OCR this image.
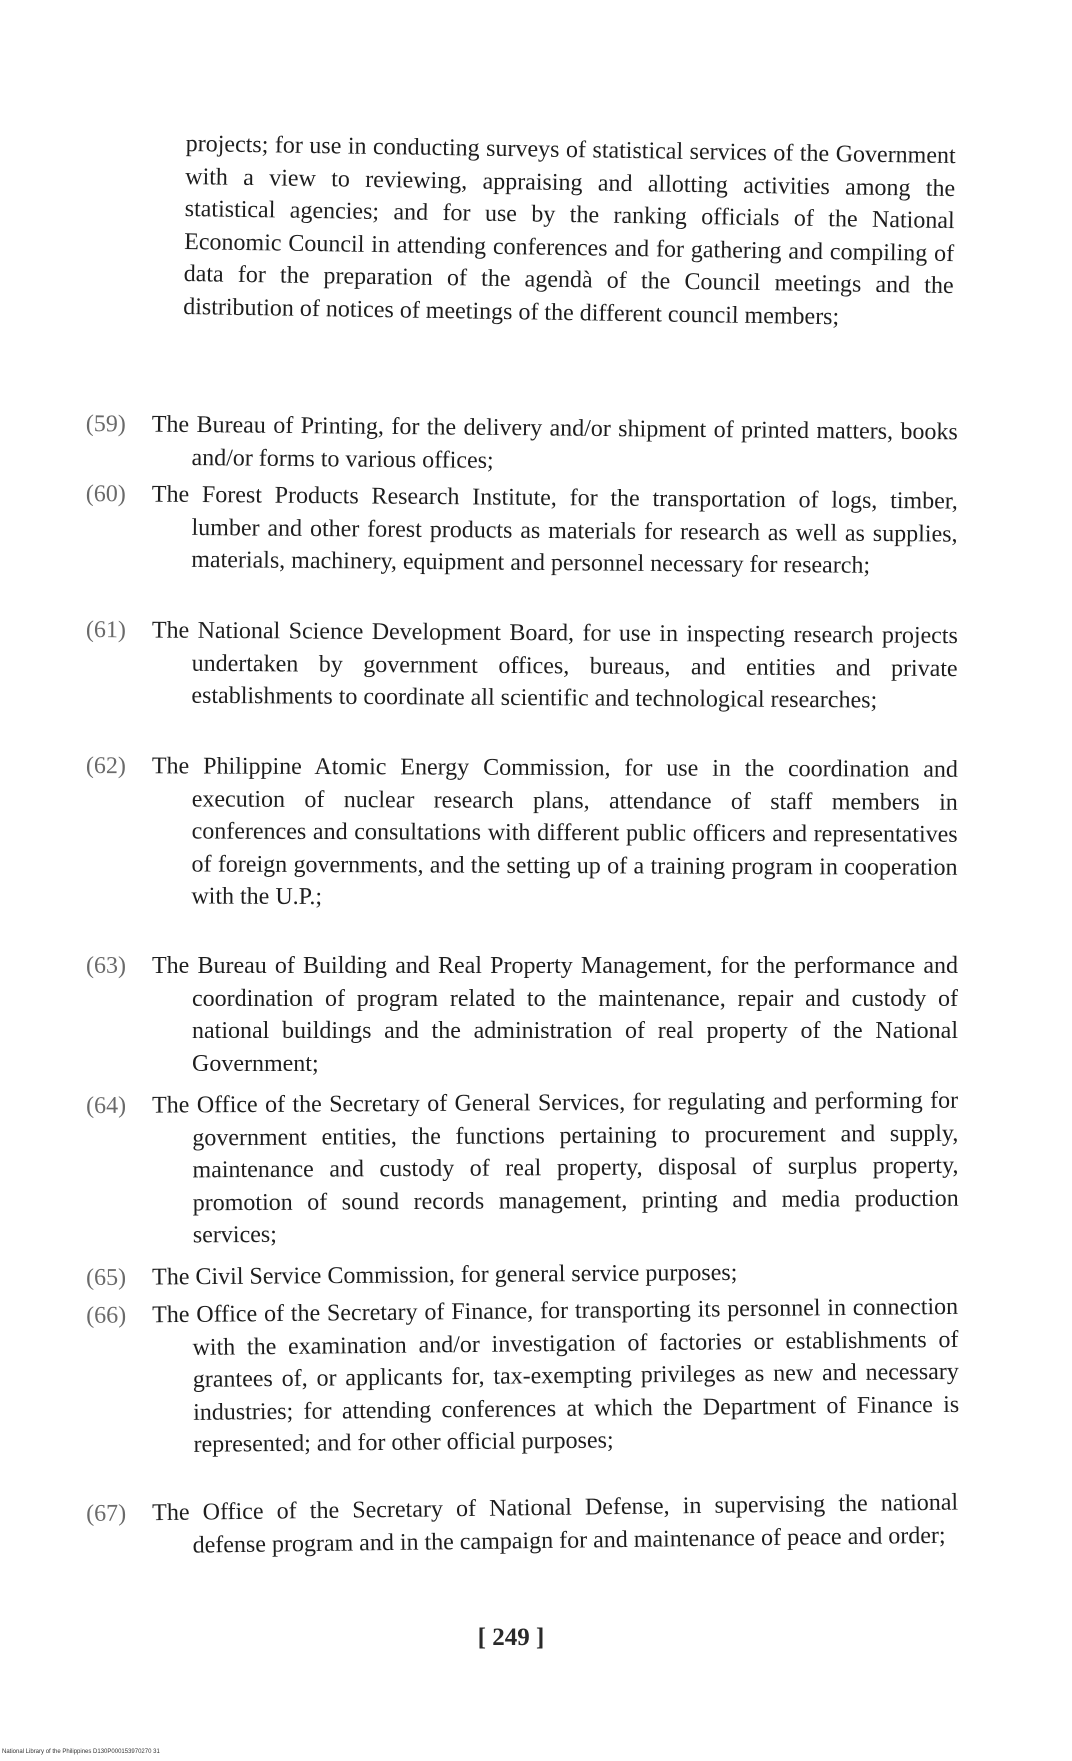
projects; for use in conducting surveys of statistical services of the Government with a view to reviewing, appraising and allotting activities among the statistical agencies; and for use by the ranking officials of the National Economic Council in attending conferences and for gathering and compiling of data for the preparation of the agendà of the Council meetings and the distribution of notices of meetings of the different council members;
(59)	The Bureau of Printing, for the delivery and/or shipment of printed matters, books and/or forms to various offices;
(60)	The Forest Products Research Institute, for the transportation of logs, timber, lumber and other forest products as materials for research as well as supplies, materials, machinery, equipment and personnel necessary for research;
(61)	The National Science Development Board, for use in inspecting research projects undertaken by government offices, bureaus, and entities and private establishments to coordinate all scientific and technological researches;
(62)	The Philippine Atomic Energy Commission, for use in the coordination and execution of nuclear research plans, attendance of staff members in conferences and consultations with different public officers and representatives of foreign governments, and the setting up of a training program in cooperation with the U.P.;
(63)	The Bureau of Building and Real Property Management, for the performance and coordination of program related to the maintenance, repair and custody of national buildings and the administration of real property of the National Government;
(64)	The Office of the Secretary of General Services, for regulating and performing for government entities, the functions pertaining to procurement and supply, maintenance and custody of real property, disposal of surplus property, promotion of sound records management, printing and media production services;
(65)	The Civil Service Commission, for general service purposes;
(66)	The Office of the Secretary of Finance, for transporting its personnel in connection with the examination and/or investigation of factories or establishments of grantees of, or applicants for, tax-exempting privileges as new and necessary industries; for attending conferences at which the Department of Finance is represented; and for other official purposes;
(67)	The Office of the Secretary of National Defense, in supervising the national defense program and in the campaign for and maintenance of peace and order;
[ 249 ]
National Library of the Philippines D130P000153970270 31
